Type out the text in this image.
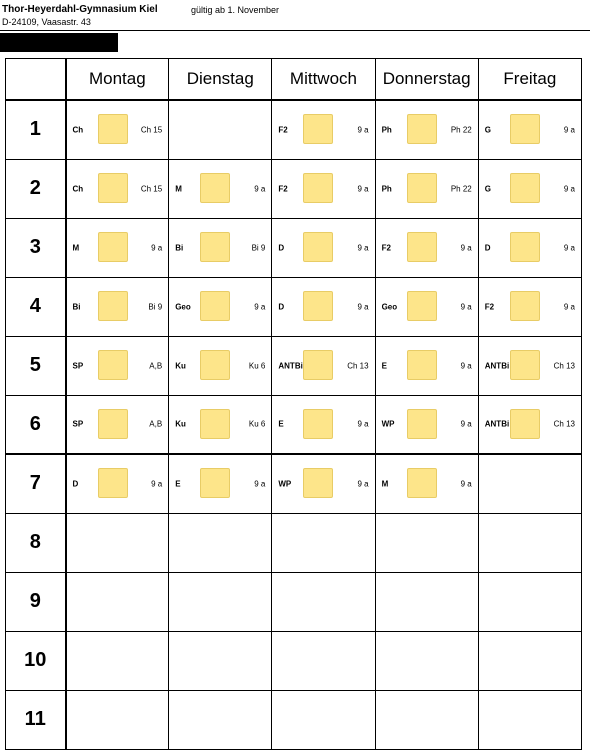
Thor-Heyerdahl-Gymnasium Kiel	gültig ab 1. November
D-24109, Vaasastr. 43
	Montag	Dienstag	Mittwoch	Donnerstag	Freitag
1	Ch Ch 15		F2 9 a	Ph Ph 22	G 9 a

2	Ch Ch 15	M 9 a	F2 9 a	Ph Ph 22	G 9 a

3	M 9 a	Bi Bi 9	D 9 a	F2 9 a	D 9 a

4	Bi Bi 9	Geo 9 a	D 9 a	Geo 9 a	F2 9 a

5	SP A,B	Ku Ku 6	ANTBi Ch 13	E 9 a	ANTBi Ch 13

6	SP A,B	Ku Ku 6	E 9 a	WP 9 a	ANTBi Ch 13

7	D 9 a	E 9 a	WP 9 a	M 9 a	

8					
9					
10					
11					
